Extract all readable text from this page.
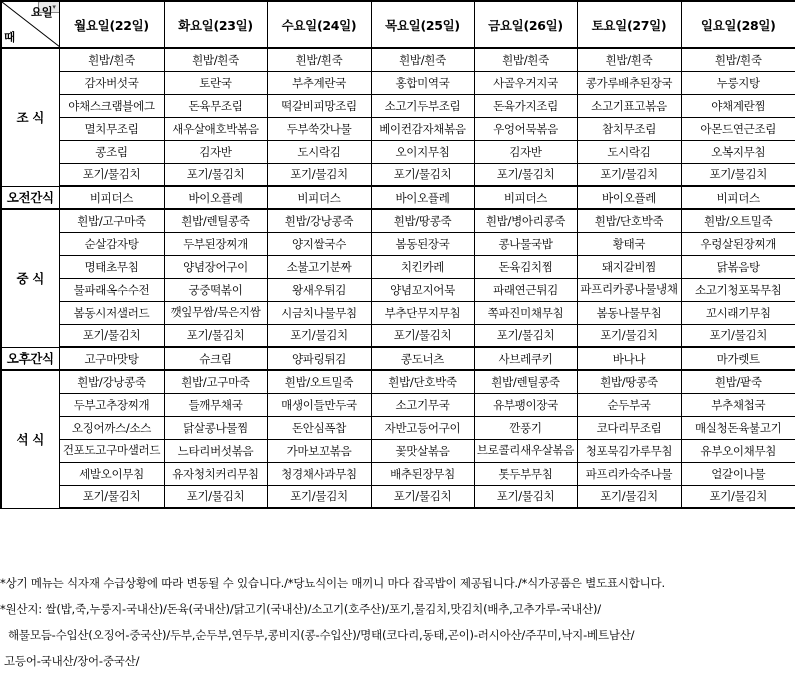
▾
요일
때	월요일(22일)	화요일(23일)	수요일(24일)	목요일(25일)	금요일(26일)	토요일(27일)	일요일(28일)
조 식	흰밥/흰죽	흰밥/흰죽	흰밥/흰죽	흰밥/흰죽	흰밥/흰죽	흰밥/흰죽	흰밥/흰죽
	감자버섯국	토란국	부추계란국	홍합미역국	사골우거지국	콩가루배추된장국	누룽지탕
	야채스크램블에그	돈육무조림	떡갈비피망조림	소고기두부조림	돈육가지조림	소고기표고볶음	야채계란찜
	멸치무조림	새우살애호박볶음	두부쑥갓나물	베이컨감자채볶음	우엉어묵볶음	참치무조림	아몬드연근조림
	콩조림	김자반	도시락김	오이지무침	김자반	도시락김	오복지무침
	포기/물김치	포기/물김치	포기/물김치	포기/물김치	포기/물김치	포기/물김치	포기/물김치
오전간식	비피더스	바이오플레	비피더스	바이오플레	비피더스	바이오플레	비피더스
중 식	흰밥/고구마죽	흰밥/렌틸콩죽	흰밥/강낭콩죽	흰밥/땅콩죽	흰밥/병아리콩죽	흰밥/단호박죽	흰밥/오트밀죽
	순살감자탕	두부된장찌개	양지쌀국수	봄동된장국	콩나물국밥	황태국	우렁살된장찌개
	명태초무침	양념장어구이	소불고기분짜	치킨카레	돈육김치찜	돼지갈비찜	닭볶음탕
	물파래옥수수전	궁중떡볶이	왕새우튀김	양념꼬지어묵	파래연근튀김	파프리카콩나물냉채	소고기청포묵무침
	봄동시저샐러드	깻잎무쌈/묵은지쌈	시금치나물무침	부추단무지무침	쪽파진미채무침	봄동나물무침	꼬시래기무침
	포기/물김치	포기/물김치	포기/물김치	포기/물김치	포기/물김치	포기/물김치	포기/물김치
오후간식	고구마맛탕	슈크림	양파링튀김	콩도너츠	사브레쿠키	바나나	마가렛트
석 식	흰밥/강낭콩죽	흰밥/고구마죽	흰밥/오트밀죽	흰밥/단호박죽	흰밥/렌틸콩죽	흰밥/땅콩죽	흰밥/팥죽
	두부고추장찌개	들깨무채국	매생이들만두국	소고기무국	유부팽이장국	순두부국	부추채첩국
	오징어까스/소스	닭살콩나물찜	돈안심폭찹	자반고등어구이	깐풍기	코다리무조림	매실청돈육불고기
	건포도고구마샐러드	느타리버섯볶음	가마보꼬볶음	꽃맛살볶음	브로콜리새우살볶음	청포묵김가루무침	유부오이채무침
	세발오이무침	유자청치커리무침	청경채사과무침	배추된장무침	톳두부무침	파프리카숙주나물	얼갈이나물
	포기/물김치	포기/물김치	포기/물김치	포기/물김치	포기/물김치	포기/물김치	포기/물김치
*상기 메뉴는 식자재 수급상황에 따라 변동될 수 있습니다./*당뇨식이는 매끼니 마다 잡곡밥이 제공됩니다./*식가공품은 별도표시합니다.
*원산지: 쌀(밥,죽,누룽지-국내산)/돈육(국내산)/닭고기(국내산)/소고기(호주산)/포기,물김치,맛김치(배추,고추가루-국내산)/
해물모듬-수입산(오징어-중국산)/두부,순두부,연두부,콩비지(콩-수입산)/명태(코다리,동태,곤이)-러시아산/주꾸미,낙지-베트남산/
고등어-국내산/장어-중국산/
